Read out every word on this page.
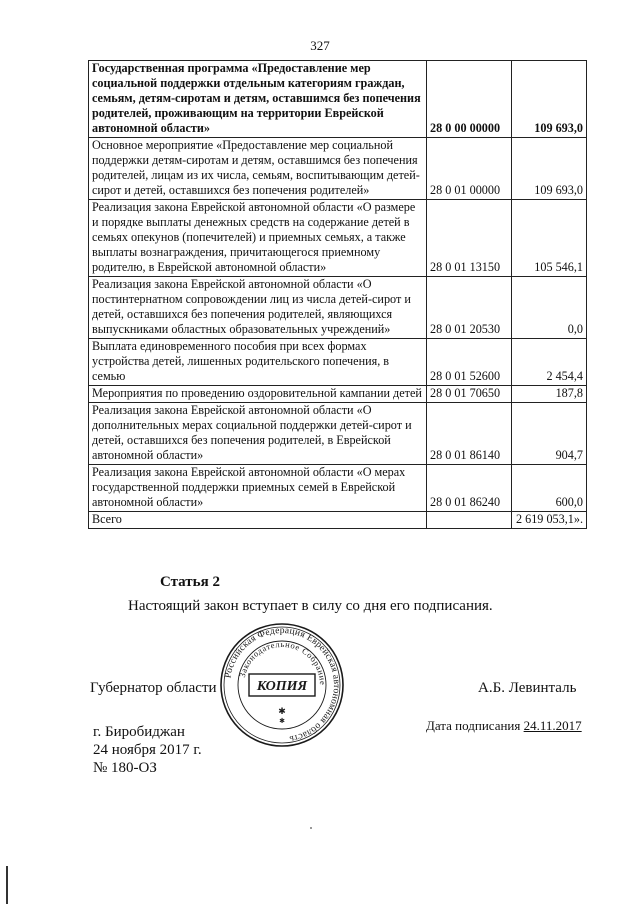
327
Государственная программа «Предоставление мер социальной поддержки отдельным категориям граждан, семьям, детям-сиротам и детям, оставшимся без попечения родителей, проживающим на территории Еврейской автономной области»	28 0 00 00000	109 693,0
Основное мероприятие «Предоставление мер социальной поддержки детям-сиротам и детям, оставшимся без попечения родителей, лицам из их числа, семьям, воспитывающим детей-сирот и детей, оставшихся без попечения родителей»	28 0 01 00000	109 693,0
Реализация закона Еврейской автономной области «О размере и порядке выплаты денежных средств на содержание детей в семьях опекунов (попечителей) и приемных семьях, а также выплаты вознаграждения, причитающегося приемному родителю, в Еврейской автономной области»	28 0 01 13150	105 546,1
Реализация закона Еврейской автономной области «О постинтернатном сопровождении лиц из числа детей-сирот и детей, оставшихся без попечения родителей, являющихся выпускниками областных образовательных учреждений»	28 0 01 20530	0,0
Выплата единовременного пособия при всех формах устройства детей, лишенных родительского попечения, в семью	28 0 01 52600	2 454,4
Мероприятия по проведению оздоровительной кампании детей	28 0 01 70650	187,8
Реализация закона Еврейской автономной области «О дополнительных мерах социальной поддержки детей-сирот и детей, оставшихся без попечения родителей, в Еврейской автономной области»	28 0 01 86140	904,7
Реализация закона Еврейской автономной области «О мерах государственной поддержки приемных семей в Еврейской автономной области»	28 0 01 86240	600,0
Всего		2 619 053,1».
Статья 2
Настоящий закон вступает в силу со дня его подписания.
Губернатор области	А.Б. Левинталь
г. Биробиджан
24 ноября 2017 г.
№ 180-ОЗ
Дата подписания 24.11.2017
Российская Федерация Еврейская автономная область
Законодательное Собрание
КОПИЯ
✱
✱
